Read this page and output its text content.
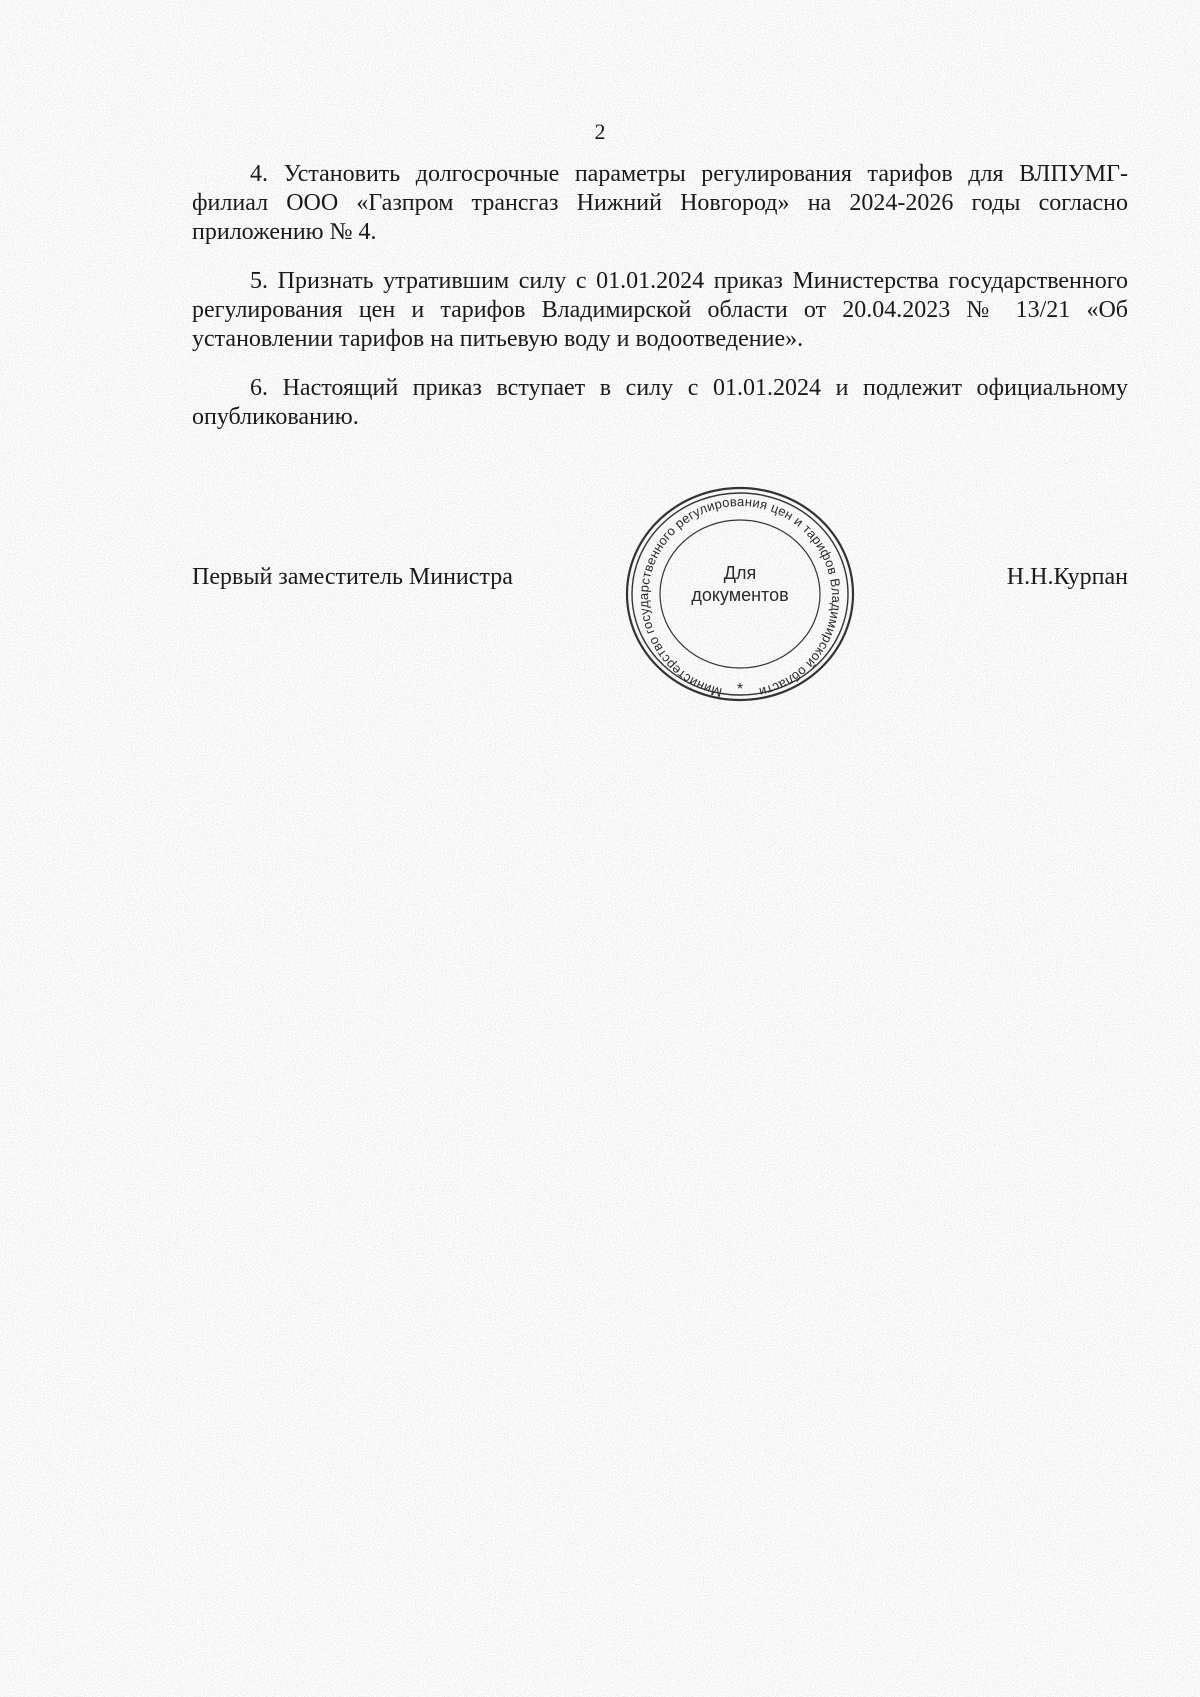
2

4. Установить долгосрочные параметры регулирования тарифов для ВЛПУМГ-филиал ООО «Газпром трансгаз Нижний Новгород» на 2024-2026 годы согласно приложению № 4.

5. Признать утратившим силу с 01.01.2024 приказ Министерства государственного регулирования цен и тарифов Владимирской области от 20.04.2023 № 13/21 «Об установлении тарифов на питьевую воду и водоотведение».

6. Настоящий приказ вступает в силу с 01.01.2024 и подлежит официальному опубликованию.

Первый заместитель Министра	Н.Н.Курпан
Министерство государственного регулирования цен и тарифов Владимирской области
*
Для
документов
